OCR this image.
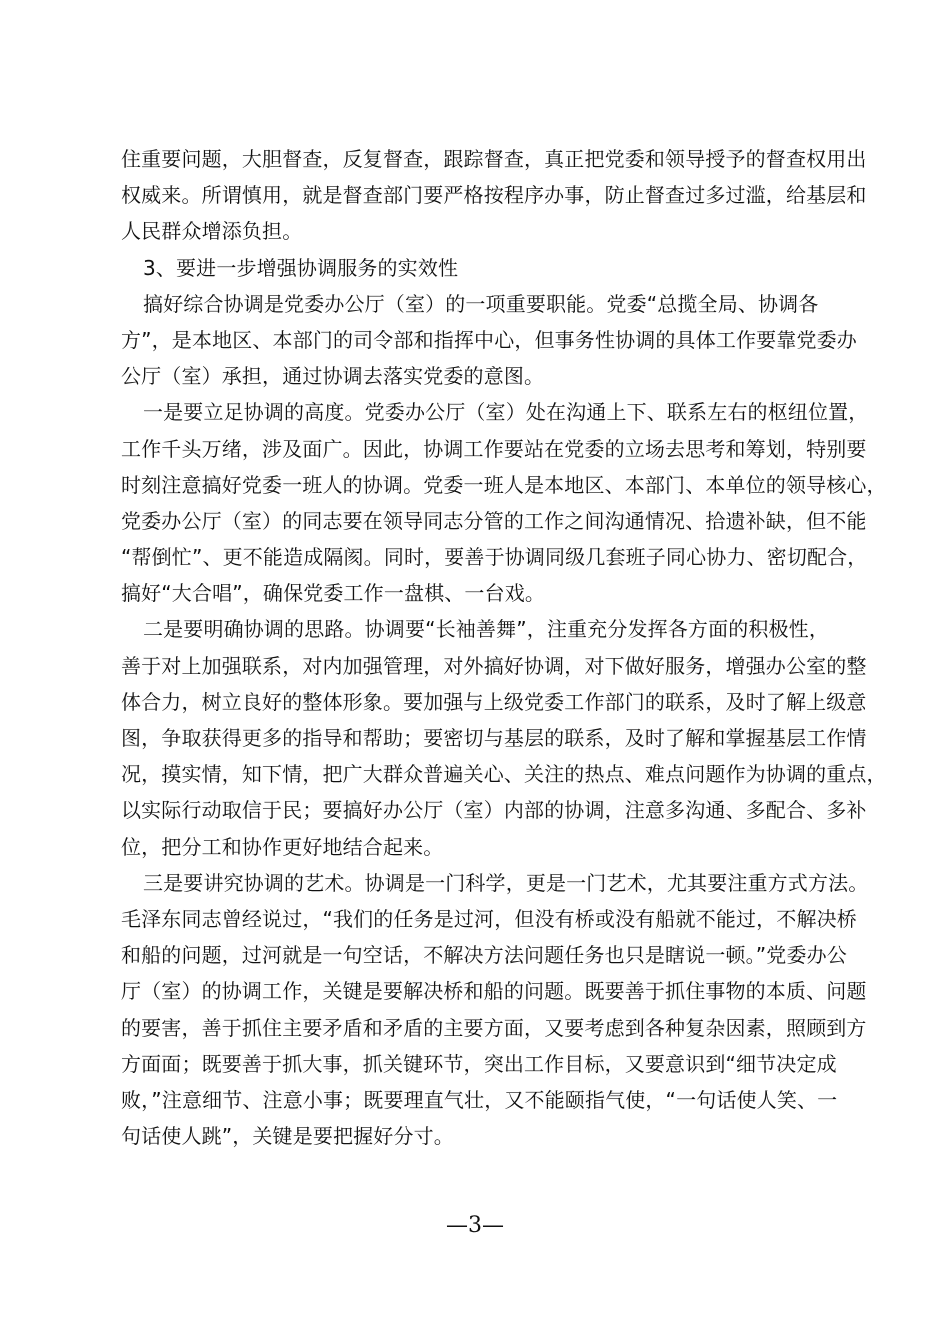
住重要问题，大胆督查，反复督查，跟踪督查，真正把党委和领导授予的督查权用出
权威来。所谓慎用，就是督查部门要严格按程序办事，防止督查过多过滥，给基层和
人民群众增添负担。
3、要进一步增强协调服务的实效性
搞好综合协调是党委办公厅（室）的一项重要职能。党委“总揽全局、协调各
方”，是本地区、本部门的司令部和指挥中心，但事务性协调的具体工作要靠党委办
公厅（室）承担，通过协调去落实党委的意图。
一是要立足协调的高度。党委办公厅（室）处在沟通上下、联系左右的枢纽位置，
工作千头万绪，涉及面广。因此，协调工作要站在党委的立场去思考和筹划，特别要
时刻注意搞好党委一班人的协调。党委一班人是本地区、本部门、本单位的领导核心，
党委办公厅（室）的同志要在领导同志分管的工作之间沟通情况、拾遗补缺，但不能
“帮倒忙”、更不能造成隔阂。同时，要善于协调同级几套班子同心协力、密切配合，
搞好“大合唱”，确保党委工作一盘棋、一台戏。
二是要明确协调的思路。协调要“长袖善舞”，注重充分发挥各方面的积极性，
善于对上加强联系，对内加强管理，对外搞好协调，对下做好服务，增强办公室的整
体合力，树立良好的整体形象。要加强与上级党委工作部门的联系，及时了解上级意
图，争取获得更多的指导和帮助；要密切与基层的联系，及时了解和掌握基层工作情
况，摸实情，知下情，把广大群众普遍关心、关注的热点、难点问题作为协调的重点，
以实际行动取信于民；要搞好办公厅（室）内部的协调，注意多沟通、多配合、多补
位，把分工和协作更好地结合起来。
三是要讲究协调的艺术。协调是一门科学，更是一门艺术，尤其要注重方式方法。
毛泽东同志曾经说过，“我们的任务是过河，但没有桥或没有船就不能过，不解决桥
和船的问题，过河就是一句空话，不解决方法问题任务也只是瞎说一顿。”党委办公
厅（室）的协调工作，关键是要解决桥和船的问题。既要善于抓住事物的本质、问题
的要害，善于抓住主要矛盾和矛盾的主要方面，又要考虑到各种复杂因素，照顾到方
方面面；既要善于抓大事，抓关键环节，突出工作目标，又要意识到“细节决定成
败，”注意细节、注意小事；既要理直气壮，又不能颐指气使，“一句话使人笑、一
句话使人跳”，关键是要把握好分寸。
—3—
